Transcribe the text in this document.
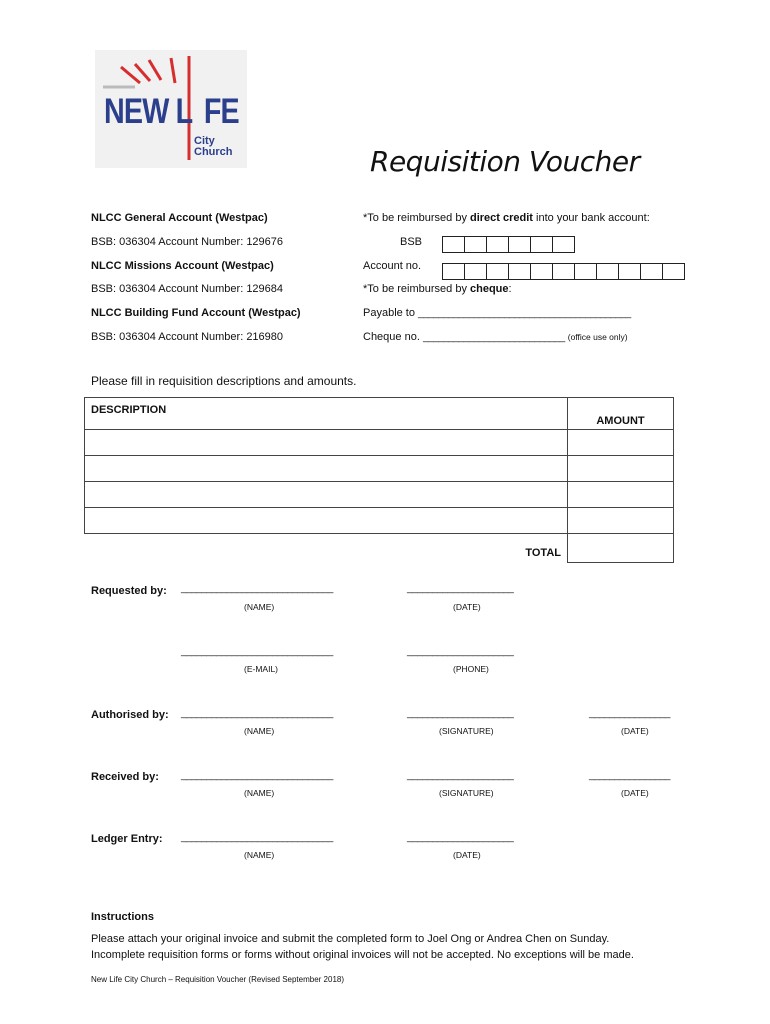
NEW L FE
City
Church	Requisition Voucher
NLCC General Account (Westpac)
BSB: 036304 Account Number: 129676
NLCC Missions Account (Westpac)
BSB: 036304 Account Number: 129684
NLCC Building Fund Account (Westpac)
BSB: 036304 Account Number: 216980
*To be reimbursed by direct credit into your bank account:
BSB
Account no.
*To be reimbursed by cheque:
Payable to __________________________________________
Cheque no. ____________________________ (office use only)
Please fill in requisition descriptions and amounts.
DESCRIPTION	AMOUNT

TOTAL	
Requested by: ______________________________
(NAME)
_____________________
(DATE)
______________________________
(E-MAIL)
_____________________
(PHONE)
Authorised by: ______________________________
(NAME)
_____________________
(SIGNATURE)
________________
(DATE)
Received by: ______________________________
(NAME)
_____________________
(SIGNATURE)
________________
(DATE)
Ledger Entry: ______________________________
(NAME)
_____________________
(DATE)
Instructions
Please attach your original invoice and submit the completed form to Joel Ong or Andrea Chen on Sunday.
Incomplete requisition forms or forms without original invoices will not be accepted. No exceptions will be made.
New Life City Church – Requisition Voucher (Revised September 2018)
